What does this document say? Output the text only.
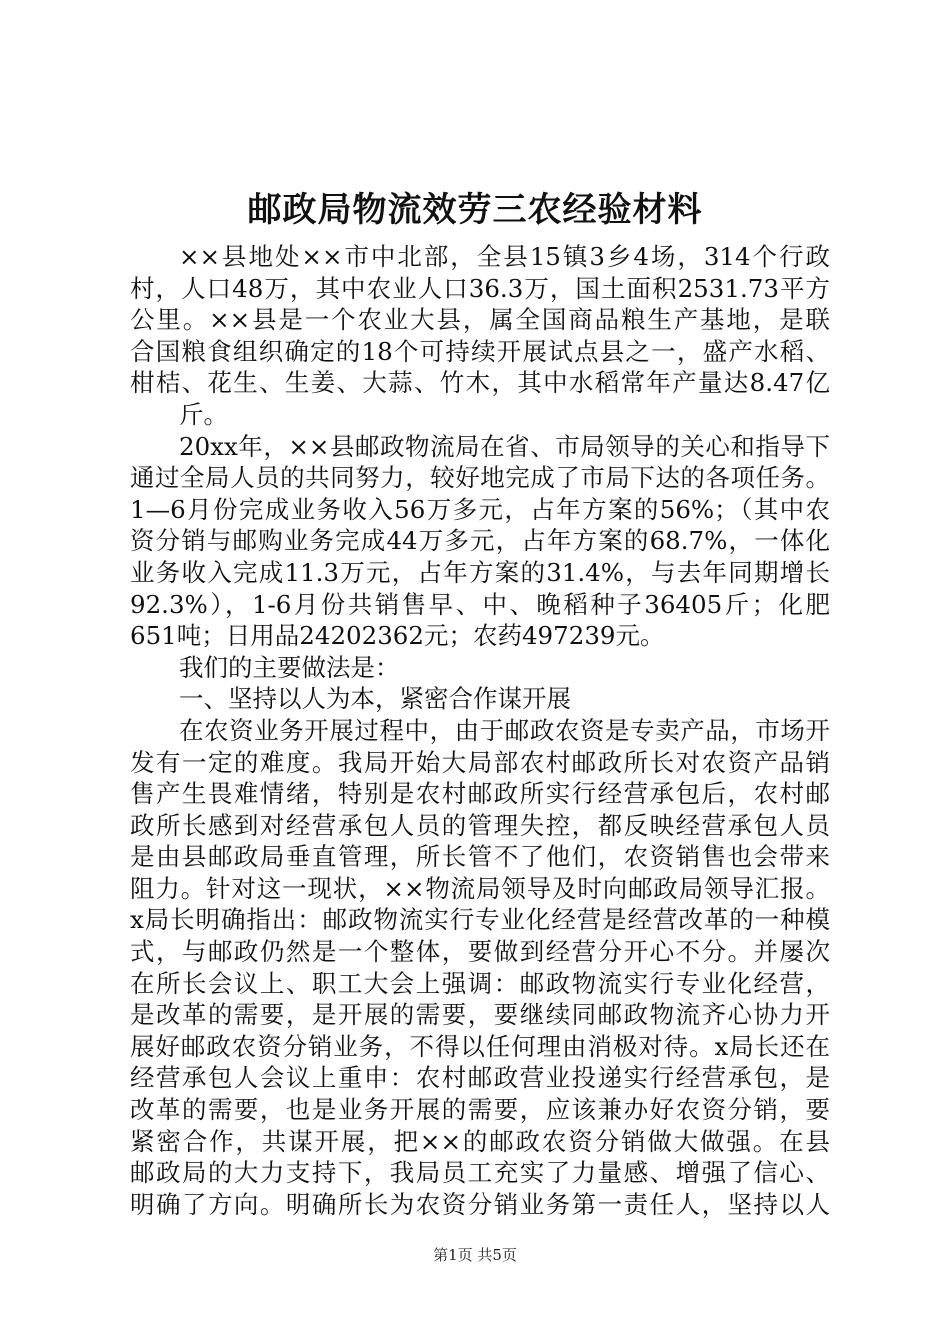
邮政局物流效劳三农经验材料
××县地处××市中北部，全县15镇3乡4场，314个行政
村，人口48万，其中农业人口36.3万，国土面积2531.73平方
公里。××县是一个农业大县，属全国商品粮生产基地，是联
合国粮食组织确定的18个可持续开展试点县之一，盛产水稻、
柑桔、花生、生姜、大蒜、竹木，其中水稻常年产量达8.47亿
斤。
20xx年，××县邮政物流局在省、市局领导的关心和指导下
通过全局人员的共同努力，较好地完成了市局下达的各项任务。
1—6月份完成业务收入56万多元，占年方案的56%；（其中农
资分销与邮购业务完成44万多元，占年方案的68.7%，一体化
业务收入完成11.3万元，占年方案的31.4%，与去年同期增长
92.3%），1-6月份共销售早、中、晚稻种子36405斤；化肥
651吨；日用品24202362元；农药497239元。
我们的主要做法是：
一、坚持以人为本，紧密合作谋开展
在农资业务开展过程中，由于邮政农资是专卖产品，市场开
发有一定的难度。我局开始大局部农村邮政所长对农资产品销
售产生畏难情绪，特别是农村邮政所实行经营承包后，农村邮
政所长感到对经营承包人员的管理失控，都反映经营承包人员
是由县邮政局垂直管理，所长管不了他们，农资销售也会带来
阻力。针对这一现状，××物流局领导及时向邮政局领导汇报。
x局长明确指出：邮政物流实行专业化经营是经营改革的一种模
式，与邮政仍然是一个整体，要做到经营分开心不分。并屡次
在所长会议上、职工大会上强调：邮政物流实行专业化经营，
是改革的需要，是开展的需要，要继续同邮政物流齐心协力开
展好邮政农资分销业务，不得以任何理由消极对待。x局长还在
经营承包人会议上重申：农村邮政营业投递实行经营承包，是
改革的需要，也是业务开展的需要，应该兼办好农资分销，要
紧密合作，共谋开展，把××的邮政农资分销做大做强。在县
邮政局的大力支持下，我局员工充实了力量感、增强了信心、
明确了方向。明确所长为农资分销业务第一责任人，坚持以人
第1页 共5页
